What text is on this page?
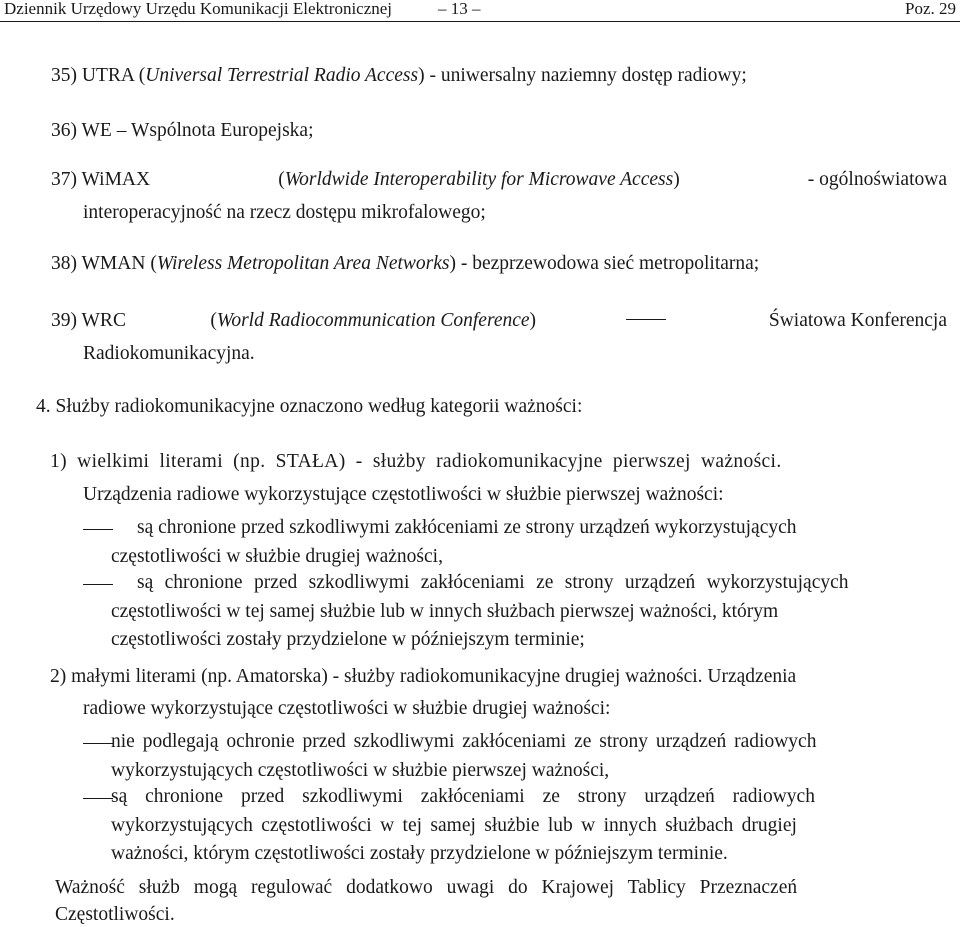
Dziennik Urzędowy Urzędu Komunikacji Elektronicznej	– 13 –	Poz. 29
35) UTRA (Universal Terrestrial Radio Access) - uniwersalny naziemny dostęp radiowy;
36) WE – Wspólnota Europejska;
37) WiMAX	(Worldwide Interoperability for Microwave Access)	- ogólnoświatowa
interoperacyjność na rzecz dostępu mikrofalowego;
38) WMAN (Wireless Metropolitan Area Networks) - bezprzewodowa sieć metropolitarna;
39) WRC	(World Radiocommunication Conference)	Światowa Konferencja
Radiokomunikacyjna.
4. Służby radiokomunikacyjne oznaczono według kategorii ważności:
1) wielkimi literami (np. STAŁA) - służby radiokomunikacyjne pierwszej ważności.
Urządzenia radiowe wykorzystujące częstotliwości w służbie pierwszej ważności:
są chronione przed szkodliwymi zakłóceniami ze strony urządzeń wykorzystujących
częstotliwości w służbie drugiej ważności,
są chronione przed szkodliwymi zakłóceniami ze strony urządzeń wykorzystujących
częstotliwości w tej samej służbie lub w innych służbach pierwszej ważności, którym
częstotliwości zostały przydzielone w późniejszym terminie;
2) małymi literami (np. Amatorska) - służby radiokomunikacyjne drugiej ważności. Urządzenia
radiowe wykorzystujące częstotliwości w służbie drugiej ważności:
nie podlegają ochronie przed szkodliwymi zakłóceniami ze strony urządzeń radiowych
wykorzystujących częstotliwości w służbie pierwszej ważności,
są chronione przed szkodliwymi zakłóceniami ze strony urządzeń radiowych
wykorzystujących częstotliwości w tej samej służbie lub w innych służbach drugiej
ważności, którym częstotliwości zostały przydzielone w późniejszym terminie.
Ważność służb mogą regulować dodatkowo uwagi do Krajowej Tablicy Przeznaczeń
Częstotliwości.
